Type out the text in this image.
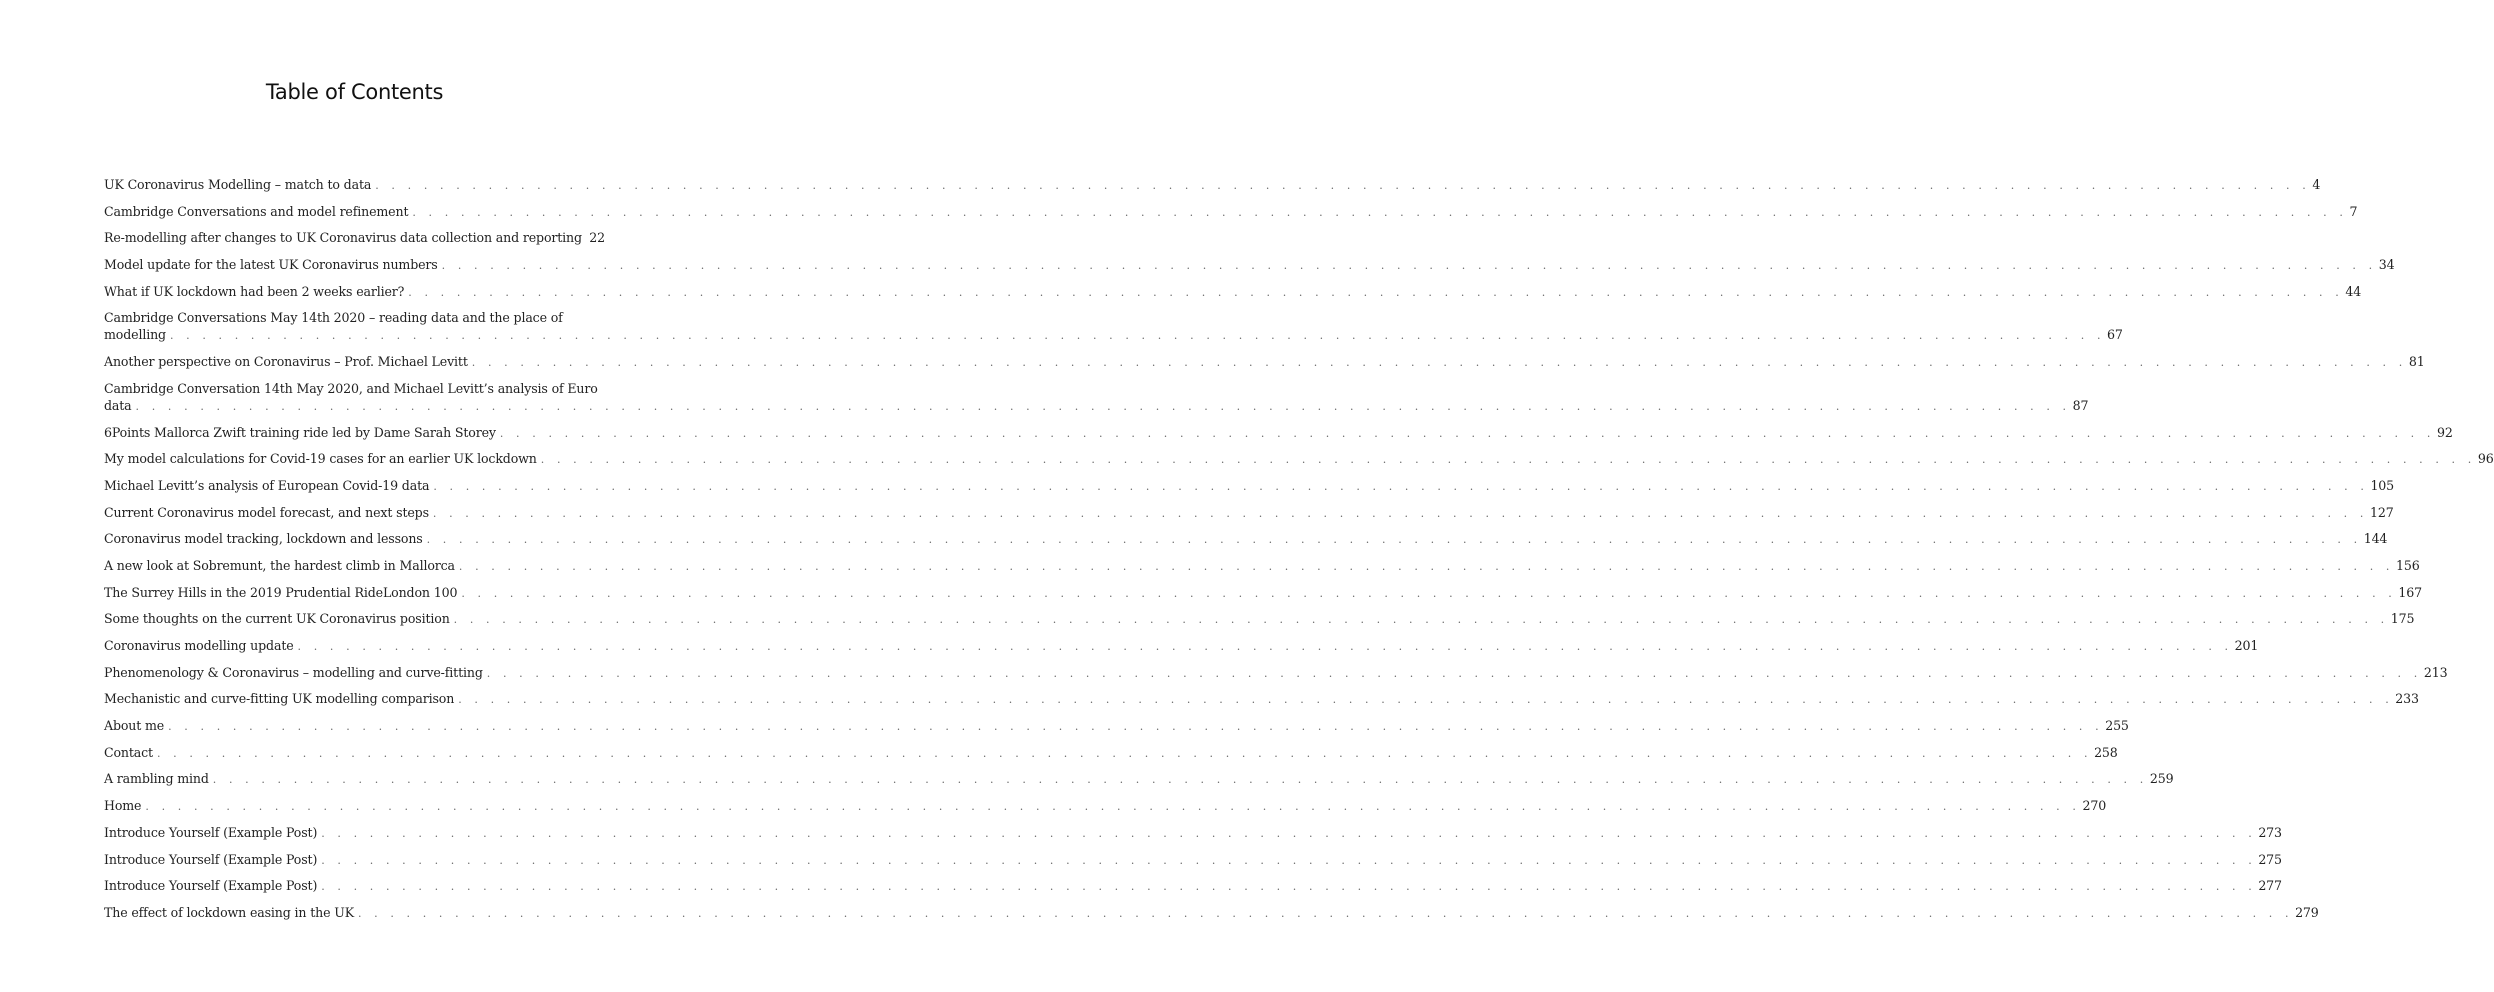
Table of Contents
UK Coronavirus Modelling – match to data . . . . . . . . . . . . . . . . . . . . . . . . . . . . . . . . . . . . . . . . . . . . . . . . . . . . . . . . . . . . . . . . . . . . . . . . . . . . . . . . . . . . . . . . . . . . . . . . . . . . . . . . . . . . . . . . . . . . . . . . 4
Cambridge Conversations and model refinement . . . . . . . . . . . . . . . . . . . . . . . . . . . . . . . . . . . . . . . . . . . . . . . . . . . . . . . . . . . . . . . . . . . . . . . . . . . . . . . . . . . . . . . . . . . . . . . . . . . . . . . . . . . . . . . . . . . . . . . . 7
Re-modelling after changes to UK Coronavirus data collection and reporting 22
Model update for the latest UK Coronavirus numbers . . . . . . . . . . . . . . . . . . . . . . . . . . . . . . . . . . . . . . . . . . . . . . . . . . . . . . . . . . . . . . . . . . . . . . . . . . . . . . . . . . . . . . . . . . . . . . . . . . . . . . . . . . . . . . . . . . . . . . . . 34
What if UK lockdown had been 2 weeks earlier? . . . . . . . . . . . . . . . . . . . . . . . . . . . . . . . . . . . . . . . . . . . . . . . . . . . . . . . . . . . . . . . . . . . . . . . . . . . . . . . . . . . . . . . . . . . . . . . . . . . . . . . . . . . . . . . . . . . . . . . . 44
Cambridge Conversations May 14th 2020 – reading data and the place of
modelling . . . . . . . . . . . . . . . . . . . . . . . . . . . . . . . . . . . . . . . . . . . . . . . . . . . . . . . . . . . . . . . . . . . . . . . . . . . . . . . . . . . . . . . . . . . . . . . . . . . . . . . . . . . . . . . . . . . . . . . . 67
Another perspective on Coronavirus – Prof. Michael Levitt . . . . . . . . . . . . . . . . . . . . . . . . . . . . . . . . . . . . . . . . . . . . . . . . . . . . . . . . . . . . . . . . . . . . . . . . . . . . . . . . . . . . . . . . . . . . . . . . . . . . . . . . . . . . . . . . . . . . . . . . 81
Cambridge Conversation 14th May 2020, and Michael Levitt’s analysis of Euro
data . . . . . . . . . . . . . . . . . . . . . . . . . . . . . . . . . . . . . . . . . . . . . . . . . . . . . . . . . . . . . . . . . . . . . . . . . . . . . . . . . . . . . . . . . . . . . . . . . . . . . . . . . . . . . . . . . . . . . . . . 87
6Points Mallorca Zwift training ride led by Dame Sarah Storey . . . . . . . . . . . . . . . . . . . . . . . . . . . . . . . . . . . . . . . . . . . . . . . . . . . . . . . . . . . . . . . . . . . . . . . . . . . . . . . . . . . . . . . . . . . . . . . . . . . . . . . . . . . . . . . . . . . . . . . . 92
My model calculations for Covid-19 cases for an earlier UK lockdown . . . . . . . . . . . . . . . . . . . . . . . . . . . . . . . . . . . . . . . . . . . . . . . . . . . . . . . . . . . . . . . . . . . . . . . . . . . . . . . . . . . . . . . . . . . . . . . . . . . . . . . . . . . . . . . . . . . . . . . . 96
Michael Levitt’s analysis of European Covid-19 data . . . . . . . . . . . . . . . . . . . . . . . . . . . . . . . . . . . . . . . . . . . . . . . . . . . . . . . . . . . . . . . . . . . . . . . . . . . . . . . . . . . . . . . . . . . . . . . . . . . . . . . . . . . . . . . . . . . . . . . . 105
Current Coronavirus model forecast, and next steps . . . . . . . . . . . . . . . . . . . . . . . . . . . . . . . . . . . . . . . . . . . . . . . . . . . . . . . . . . . . . . . . . . . . . . . . . . . . . . . . . . . . . . . . . . . . . . . . . . . . . . . . . . . . . . . . . . . . . . . . 127
Coronavirus model tracking, lockdown and lessons . . . . . . . . . . . . . . . . . . . . . . . . . . . . . . . . . . . . . . . . . . . . . . . . . . . . . . . . . . . . . . . . . . . . . . . . . . . . . . . . . . . . . . . . . . . . . . . . . . . . . . . . . . . . . . . . . . . . . . . . 144
A new look at Sobremunt, the hardest climb in Mallorca . . . . . . . . . . . . . . . . . . . . . . . . . . . . . . . . . . . . . . . . . . . . . . . . . . . . . . . . . . . . . . . . . . . . . . . . . . . . . . . . . . . . . . . . . . . . . . . . . . . . . . . . . . . . . . . . . . . . . . . . 156
The Surrey Hills in the 2019 Prudential RideLondon 100 . . . . . . . . . . . . . . . . . . . . . . . . . . . . . . . . . . . . . . . . . . . . . . . . . . . . . . . . . . . . . . . . . . . . . . . . . . . . . . . . . . . . . . . . . . . . . . . . . . . . . . . . . . . . . . . . . . . . . . . . 167
Some thoughts on the current UK Coronavirus position . . . . . . . . . . . . . . . . . . . . . . . . . . . . . . . . . . . . . . . . . . . . . . . . . . . . . . . . . . . . . . . . . . . . . . . . . . . . . . . . . . . . . . . . . . . . . . . . . . . . . . . . . . . . . . . . . . . . . . . . 175
Coronavirus modelling update . . . . . . . . . . . . . . . . . . . . . . . . . . . . . . . . . . . . . . . . . . . . . . . . . . . . . . . . . . . . . . . . . . . . . . . . . . . . . . . . . . . . . . . . . . . . . . . . . . . . . . . . . . . . . . . . . . . . . . . . 201
Phenomenology & Coronavirus – modelling and curve-fitting . . . . . . . . . . . . . . . . . . . . . . . . . . . . . . . . . . . . . . . . . . . . . . . . . . . . . . . . . . . . . . . . . . . . . . . . . . . . . . . . . . . . . . . . . . . . . . . . . . . . . . . . . . . . . . . . . . . . . . . . 213
Mechanistic and curve-fitting UK modelling comparison . . . . . . . . . . . . . . . . . . . . . . . . . . . . . . . . . . . . . . . . . . . . . . . . . . . . . . . . . . . . . . . . . . . . . . . . . . . . . . . . . . . . . . . . . . . . . . . . . . . . . . . . . . . . . . . . . . . . . . . . 233
About me . . . . . . . . . . . . . . . . . . . . . . . . . . . . . . . . . . . . . . . . . . . . . . . . . . . . . . . . . . . . . . . . . . . . . . . . . . . . . . . . . . . . . . . . . . . . . . . . . . . . . . . . . . . . . . . . . . . . . . . . 255
Contact . . . . . . . . . . . . . . . . . . . . . . . . . . . . . . . . . . . . . . . . . . . . . . . . . . . . . . . . . . . . . . . . . . . . . . . . . . . . . . . . . . . . . . . . . . . . . . . . . . . . . . . . . . . . . . . . . . . . . . . . 258
A rambling mind . . . . . . . . . . . . . . . . . . . . . . . . . . . . . . . . . . . . . . . . . . . . . . . . . . . . . . . . . . . . . . . . . . . . . . . . . . . . . . . . . . . . . . . . . . . . . . . . . . . . . . . . . . . . . . . . . . . . . . . . 259
Home . . . . . . . . . . . . . . . . . . . . . . . . . . . . . . . . . . . . . . . . . . . . . . . . . . . . . . . . . . . . . . . . . . . . . . . . . . . . . . . . . . . . . . . . . . . . . . . . . . . . . . . . . . . . . . . . . . . . . . . . 270
Introduce Yourself (Example Post) . . . . . . . . . . . . . . . . . . . . . . . . . . . . . . . . . . . . . . . . . . . . . . . . . . . . . . . . . . . . . . . . . . . . . . . . . . . . . . . . . . . . . . . . . . . . . . . . . . . . . . . . . . . . . . . . . . . . . . . . 273
Introduce Yourself (Example Post) . . . . . . . . . . . . . . . . . . . . . . . . . . . . . . . . . . . . . . . . . . . . . . . . . . . . . . . . . . . . . . . . . . . . . . . . . . . . . . . . . . . . . . . . . . . . . . . . . . . . . . . . . . . . . . . . . . . . . . . . 275
Introduce Yourself (Example Post) . . . . . . . . . . . . . . . . . . . . . . . . . . . . . . . . . . . . . . . . . . . . . . . . . . . . . . . . . . . . . . . . . . . . . . . . . . . . . . . . . . . . . . . . . . . . . . . . . . . . . . . . . . . . . . . . . . . . . . . . 277
The effect of lockdown easing in the UK . . . . . . . . . . . . . . . . . . . . . . . . . . . . . . . . . . . . . . . . . . . . . . . . . . . . . . . . . . . . . . . . . . . . . . . . . . . . . . . . . . . . . . . . . . . . . . . . . . . . . . . . . . . . . . . . . . . . . . . . 279
